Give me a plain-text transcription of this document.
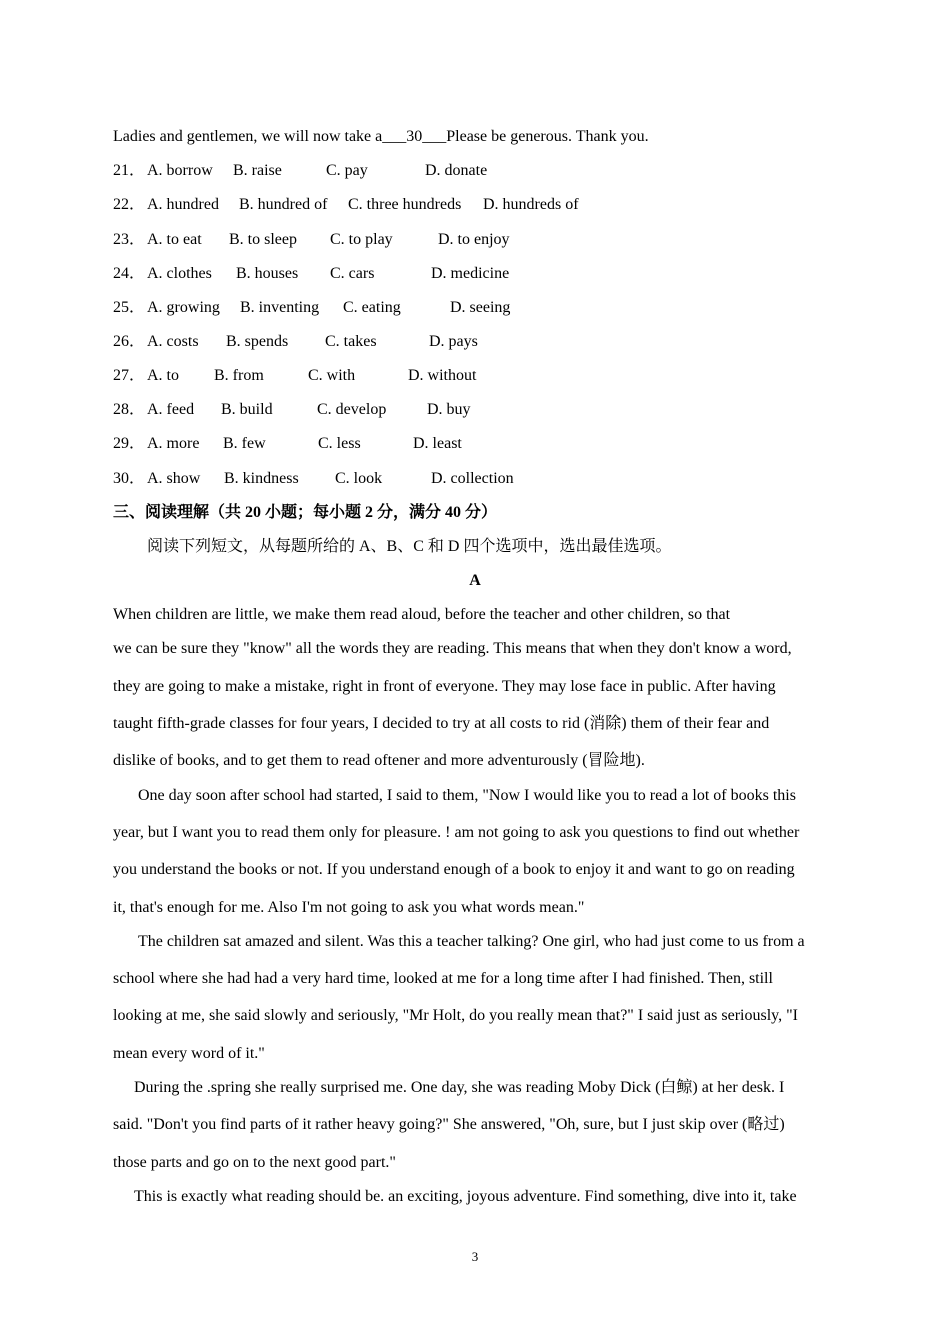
Ladies and gentlemen, we will now take a___30___Please be generous. Thank you.
21． A. borrow B. raise	C. pay	D. donate
22． A. hundred B. hundred of C. three hundreds D. hundreds of
23． A. to eat B. to sleep C. to play	D. to enjoy
24． A. clothes B. houses C. cars	D. medicine
25． A. growing B. inventing C. eating	D. seeing
26． A. costs B. spends C. takes	D. pays
27． A. to B. from	C. with	D. without
28． A. feed B. build	C. develop	D. buy
29． A. more B. few	C. less	D. least
30． A. show B. kindness C. look	D. collection
三、阅读理解（共 20 小题；每小题 2 分，满分 40 分）
阅读下列短文，从每题所给的 A、B、C 和 D 四个选项中，选出最佳选项。
A
When children are little, we make them read aloud, before the teacher and other children, so that
we can be sure they "know" all the words they are reading. This means that when they don't know a word,
they are going to make a mistake, right in front of everyone. They may lose face in public. After having
taught fifth-grade classes for four years, I decided to try at all costs to rid (消除) them of their fear and
dislike of books, and to get them to read oftener and more adventurously (冒险地).
One day soon after school had started, I said to them, "Now I would like you to read a lot of books this
year, but I want you to read them only for pleasure. ! am not going to ask you questions to find out whether
you understand the books or not. If you understand enough of a book to enjoy it and want to go on reading
it, that's enough for me. Also I'm not going to ask you what words mean."
The children sat amazed and silent. Was this a teacher talking? One girl, who had just come to us from a
school where she had had a very hard time, looked at me for a long time after I had finished. Then, still
looking at me, she said slowly and seriously, "Mr Holt, do you really mean that?" I said just as seriously, "I
mean every word of it."
During the .spring she really surprised me. One day, she was reading Moby Dick (白鲸) at her desk. I
said. "Don't you find parts of it rather heavy going?" She answered, "Oh, sure, but I just skip over (略过)
those parts and go on to the next good part."
This is exactly what reading should be. an exciting, joyous adventure. Find something, dive into it, take
3
